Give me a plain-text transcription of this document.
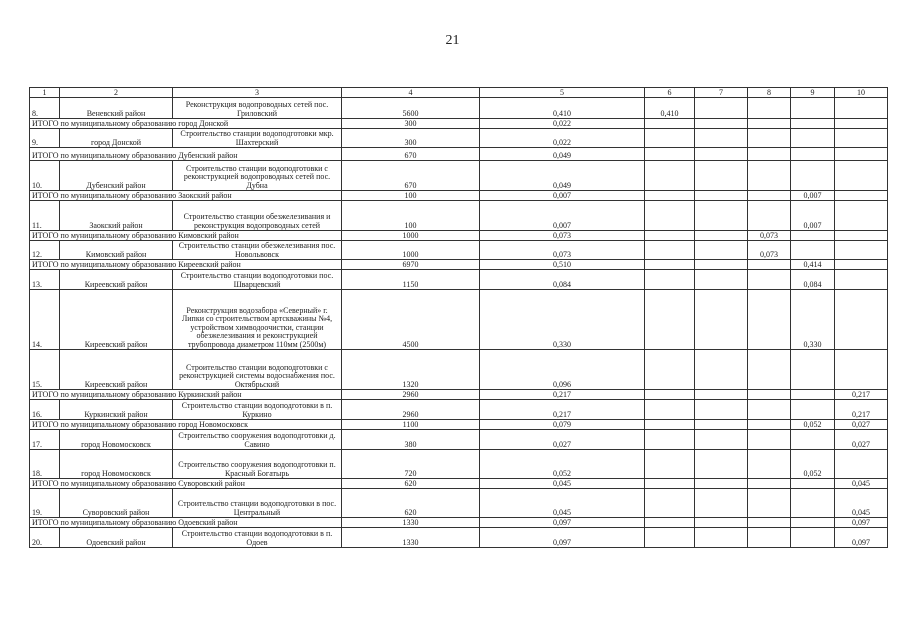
21
1	2	3	4	5	6	7	8	9	10	
8.	Веневский район	Реконструкция водопроводных сетей пос. Гриловский	5600	0,410	0,410					
ИТОГО по муниципальному образованию город Донской			300	0,022						
9.	город Донской	Строительство станции водоподготовки мкр. Шахтерский	300	0,022						
ИТОГО по муниципальному образованию Дубенский район			670	0,049						
10.	Дубенский район	Строительство станции водоподготовки с реконструкцией водопроводных сетей пос. Дубна	670	0,049						
ИТОГО по муниципальному образованию Заокский район			100	0,007				0,007		
11.	Заокский район	Строительство станции обезжелезивания и реконструкция водопроводных сетей	100	0,007				0,007		
ИТОГО по муниципальному образованию Кимовский район			1000	0,073			0,073			
12.	Кимовский район	Строительство станции обезжелезивания пос. Новольвовск	1000	0,073			0,073			
ИТОГО по муниципальному образованию Киреевский район			6970	0,510				0,414		
13.	Киреевский район	Строительство станции водоподготовки пос. Шварцевский	1150	0,084				0,084		
14.	Киреевский район	Реконструкция водозабора «Северный» г. Липки со строительством артскважины №4, устройством химводоочистки, станции обезжелезивания и реконструкцией трубопровода диаметром 110мм (2500м)	4500	0,330				0,330		
15.	Киреевский район	Строительство станции водоподготовки с реконструкцией системы водоснабжения пос. Октябрьский	1320	0,096						
ИТОГО по муниципальному образованию Куркинский район			2960	0,217					0,217	
16.	Куркинский район	Строительство станции водоподготовки в п. Куркино	2960	0,217					0,217	
ИТОГО по муниципальному образованию город Новомосковск			1100	0,079				0,052	0,027	
17.	город Новомосковск	Строительство сооружения водоподготовки д. Савино	380	0,027					0,027	
18.	город Новомосковск	Строительство сооружения водоподготовки п. Красный Богатырь	720	0,052				0,052		
ИТОГО по муниципальному образованию Суворовский район			620	0,045					0,045	
19.	Суворовский район	Строительство станции водоподготовки в пос. Центральный	620	0,045					0,045	
ИТОГО по муниципальному образованию Одоевский район			1330	0,097					0,097	
20.	Одоевский район	Строительство станции водоподготовки в п. Одоев	1330	0,097					0,097	
